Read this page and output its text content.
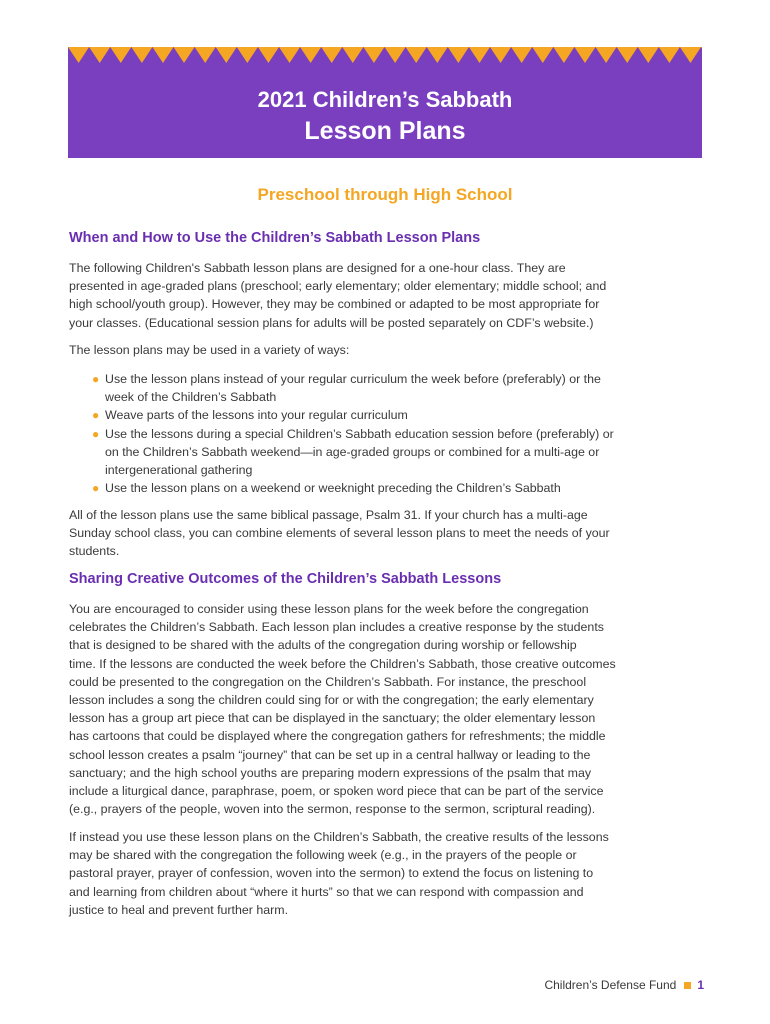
2021 Children’s Sabbath
Lesson Plans
Preschool through High School
When and How to Use the Children’s Sabbath Lesson Plans
The following Children's Sabbath lesson plans are designed for a one-hour class. They are
presented in age-graded plans (preschool; early elementary; older elementary; middle school; and
high school/youth group). However, they may be combined or adapted to be most appropriate for
your classes. (Educational session plans for adults will be posted separately on CDF’s website.)
The lesson plans may be used in a variety of ways:
● Use the lesson plans instead of your regular curriculum the week before (preferably) or the
week of the Children’s Sabbath
● Weave parts of the lessons into your regular curriculum
● Use the lessons during a special Children’s Sabbath education session before (preferably) or
on the Children’s Sabbath weekend—in age-graded groups or combined for a multi-age or
intergenerational gathering
● Use the lesson plans on a weekend or weeknight preceding the Children’s Sabbath
All of the lesson plans use the same biblical passage, Psalm 31. If your church has a multi-age
Sunday school class, you can combine elements of several lesson plans to meet the needs of your
students.
Sharing Creative Outcomes of the Children’s Sabbath Lessons
You are encouraged to consider using these lesson plans for the week before the congregation
celebrates the Children’s Sabbath. Each lesson plan includes a creative response by the students
that is designed to be shared with the adults of the congregation during worship or fellowship
time. If the lessons are conducted the week before the Children’s Sabbath, those creative outcomes
could be presented to the congregation on the Children’s Sabbath. For instance, the preschool
lesson includes a song the children could sing for or with the congregation; the early elementary
lesson has a group art piece that can be displayed in the sanctuary; the older elementary lesson
has cartoons that could be displayed where the congregation gathers for refreshments; the middle
school lesson creates a psalm “journey” that can be set up in a central hallway or leading to the
sanctuary; and the high school youths are preparing modern expressions of the psalm that may
include a liturgical dance, paraphrase, poem, or spoken word piece that can be part of the service
(e.g., prayers of the people, woven into the sermon, response to the sermon, scriptural reading).
If instead you use these lesson plans on the Children’s Sabbath, the creative results of the lessons
may be shared with the congregation the following week (e.g., in the prayers of the people or
pastoral prayer, prayer of confession, woven into the sermon) to extend the focus on listening to
and learning from children about “where it hurts” so that we can respond with compassion and
justice to heal and prevent further harm.
Children’s Defense Fund 1
